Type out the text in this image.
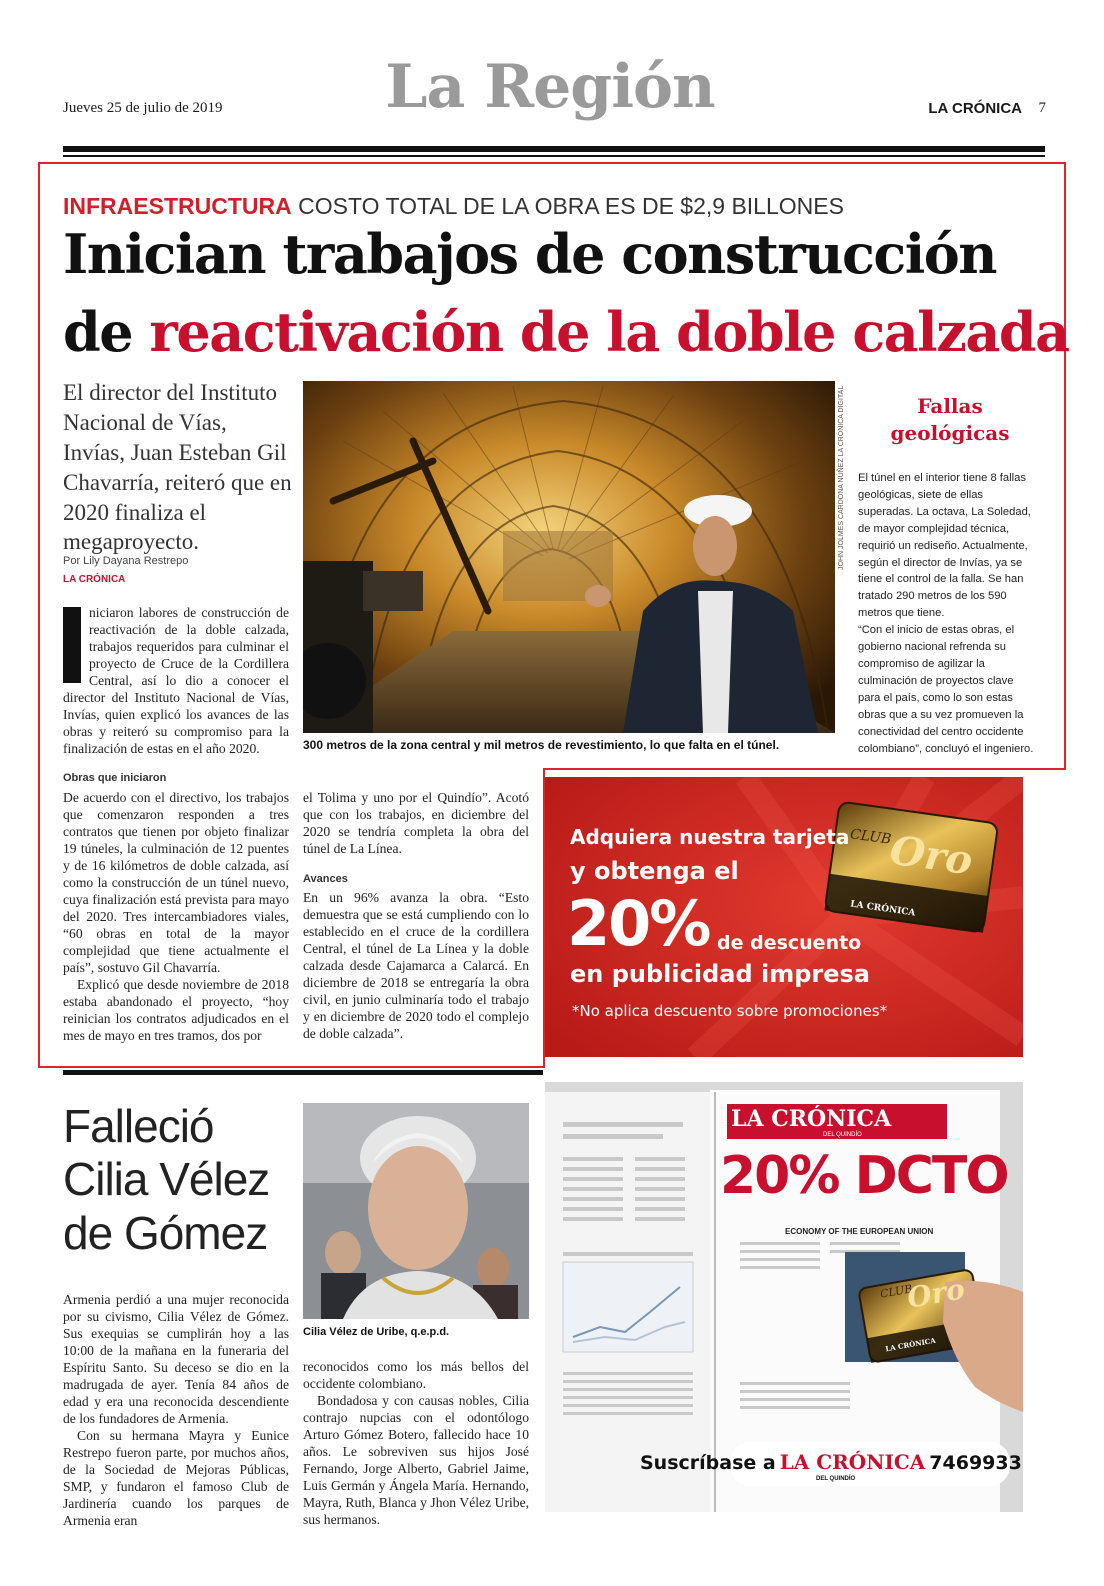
Jueves 25 de julio de 2019	La Región	LA CRÓNICA 7
INFRAESTRUCTURA COSTO TOTAL DE LA OBRA ES DE $2,9 BILLONES
Inician trabajos de construcción
de reactivación de la doble calzada
El director del Instituto Nacional de Vías, Invías, Juan Esteban Gil Chavarría, reiteró que en 2020 finaliza el megaproyecto.
Por Lily Dayana Restrepo
LA CRÓNICA
niciaron labores de construcción de reactivación de la doble calzada, trabajos requeridos para culminar el proyecto de Cruce de la Cordillera Central, así lo dio a conocer el director del Instituto Nacional de Vías, Invías, quien explicó los avances de las obras y reiteró su compromiso para la finalización de estas en el año 2020.
JOHN JOLMES CARDONA NÚÑEZ LA CRÓNICA DIGITAL
300 metros de la zona central y mil metros de revestimiento, lo que falta en el túnel.
Fallas geológicas
El túnel en el interior tiene 8 fallas geológicas, siete de ellas superadas. La octava, La Soledad, de mayor complejidad técnica, requirió un rediseño. Actualmente, según el director de Invías, ya se tiene el control de la falla. Se han tratado 290 metros de los 590 metros que tiene.
“Con el inicio de estas obras, el gobierno nacional refrenda su compromiso de agilizar la culminación de proyectos clave para el país, como lo son estas obras que a su vez promueven la conectividad del centro occidente colombiano”, concluyó el ingeniero.
Obras que iniciaron
De acuerdo con el directivo, los trabajos que comenzaron responden a tres contratos que tienen por objeto finalizar 19 túneles, la culminación de 12 puentes y de 16 kilómetros de doble calzada, así como la construcción de un túnel nuevo, cuya finalización está prevista para mayo del 2020. Tres intercambiadores viales, “60 obras en total de la mayor complejidad que tiene actualmente el país”, sostuvo Gil Chavarría.
Explicó que desde noviembre de 2018 estaba abandonado el proyecto, “hoy reinician los contratos adjudicados en el mes de mayo en tres tramos, dos por
el Tolima y uno por el Quindío”. Acotó que con los trabajos, en diciembre del 2020 se tendría completa la obra del túnel de La Línea.
Avances
En un 96% avanza la obra. “Esto demuestra que se está cumpliendo con lo establecido en el cruce de la cordillera Central, el túnel de La Línea y la doble calzada desde Cajamarca a Calarcá. En diciembre de 2018 se entregaría la obra civil, en junio culminaría todo el trabajo y en diciembre de 2020 todo el complejo de doble calzada”.
CLUB
Oro
LA CRÓNICA
Adquiera nuestra tarjeta
y obtenga el
20% de descuento
en publicidad impresa
*No aplica descuento sobre promociones*
Falleció Cilia Vélez de Gómez
Armenia perdió a una mujer reconocida por su civismo, Cilia Vélez de Gómez. Sus exequias se cumplirán hoy a las 10:00 de la mañana en la funeraria del Espíritu Santo. Su deceso se dio en la madrugada de ayer. Tenía 84 años de edad y era una reconocida descendiente de los fundadores de Armenia.
Con su hermana Mayra y Eunice Restrepo fueron parte, por muchos años, de la Sociedad de Mejoras Públicas, SMP, y fundaron el famoso Club de Jardinería cuando los parques de Armenia eran
Cilia Vélez de Uribe, q.e.p.d.
reconocidos como los más bellos del occidente colombiano.
Bondadosa y con causas nobles, Cilia contrajo nupcias con el odontólogo Arturo Gómez Botero, fallecido hace 10 años. Le sobreviven sus hijos José Fernando, Jorge Alberto, Gabriel Jaime, Luis Germán y Ángela María. Hernando, Mayra, Ruth, Blanca y Jhon Vélez Uribe, sus hermanos.
LA CRÓNICA
DEL QUINDÍO
20% DCTO
ECONOMY OF THE EUROPEAN UNION
CLUB
Oro
LA CRÓNICA
Suscríbase a LA CRÓNICA 7469933
DEL QUINDÍO
